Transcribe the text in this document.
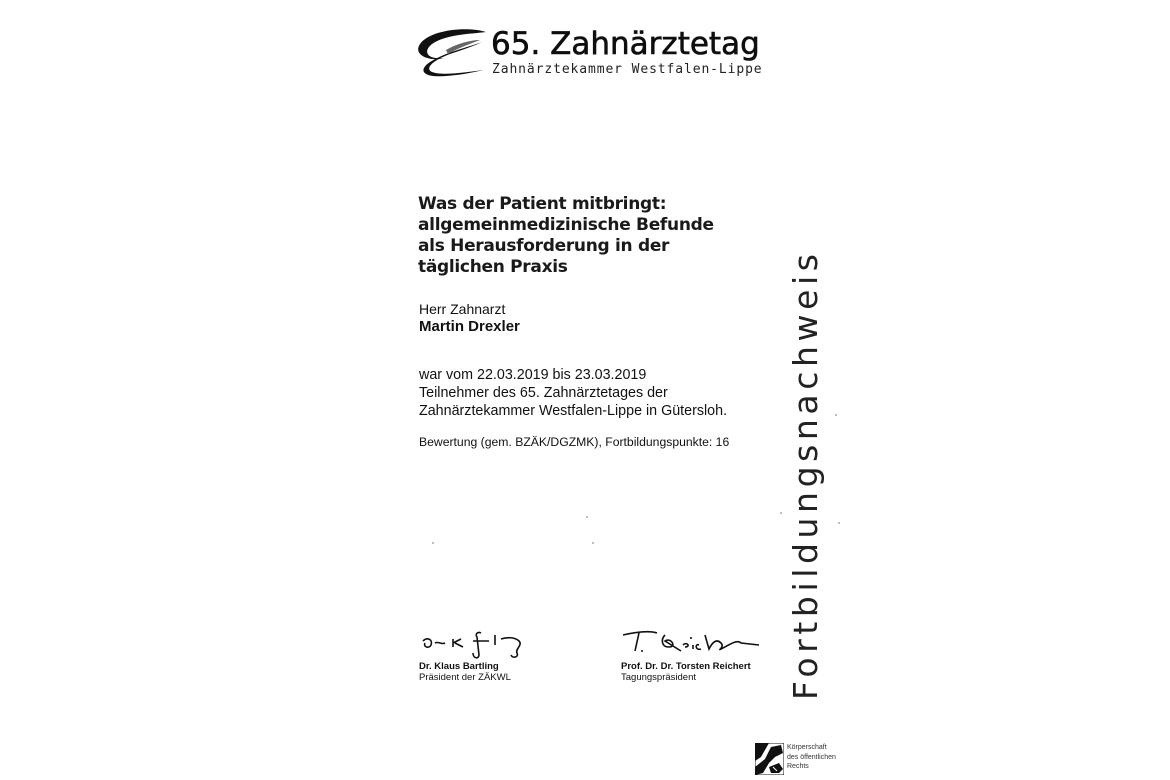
65. Zahnärztetag
Zahnärztekammer Westfalen-Lippe
Was der Patient mitbringt:
allgemeinmedizinische Befunde
als Herausforderung in der
täglichen Praxis
Herr Zahnarzt
Martin Drexler
war vom 22.03.2019 bis 23.03.2019
Teilnehmer des 65. Zahnärztetages der
Zahnärztekammer Westfalen-Lippe in Gütersloh.
Bewertung (gem. BZÄK/DGZMK), Fortbildungspunkte: 16
Dr. Klaus Bartling
Präsident der ZÄKWL
Prof. Dr. Dr. Torsten Reichert
Tagungspräsident	Fortbildungsnachweis
Körperschaft
des öffentlichen
Rechts
